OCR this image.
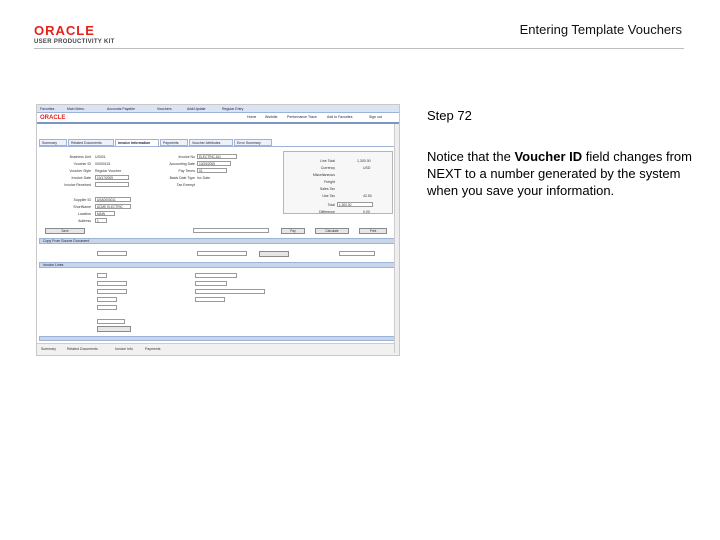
ORACLE
USER PRODUCTIVITY KIT
Entering Template Vouchers
Favorites	Main Menu	Accounts Payable	Vouchers	Add/Update	Regular Entry
ORACLE	Home Worklist	Performance Trace	Add to Favorites	Sign out
Summary	Related Documents	Invoice Information	Payments	Voucher Attributes	Error Summary
Business Unit US001
Voucher ID 00000115
Voucher Style Regular Voucher
Invoice Date	10/17/2005
Invoice Received
Invoice No	ELECTRIC-611
Accounting Date	10/25/2005
Pay Terms	01
Basis Date Type Inv Date
Tax Exempt
Supplier ID	USA0000011
ShortName	ACME ELECTRIC
Location	MAIN
Address	1
Line Total	1,300.00
Currency	USD
Miscellaneous
Freight
Sales Tax
Use Tax	42.50
Total	1,300.00
Difference	0.00
Save	Pay	Calculate	Print
Copy From Source Document
Invoice Lines
Summary	Related Documents	Invoice Info	Payments
Step 72
Notice that the Voucher ID field changes from NEXT to a number generated by the system when you save your information.
